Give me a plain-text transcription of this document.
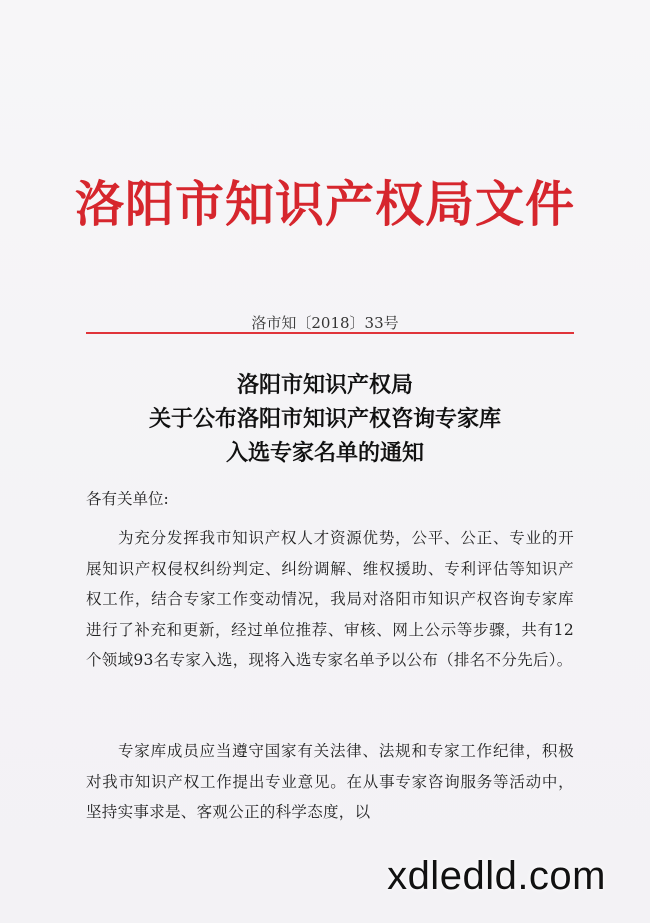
洛阳市知识产权局文件
洛市知〔2018〕33号
洛阳市知识产权局
关于公布洛阳市知识产权咨询专家库
入选专家名单的通知
各有关单位:
为充分发挥我市知识产权人才资源优势，公平、公正、专业的开展知识产权侵权纠纷判定、纠纷调解、维权援助、专利评估等知识产权工作，结合专家工作变动情况，我局对洛阳市知识产权咨询专家库进行了补充和更新，经过单位推荐、审核、网上公示等步骤，共有12个领域93名专家入选，现将入选专家名单予以公布（排名不分先后）。
专家库成员应当遵守国家有关法律、法规和专家工作纪律，积极对我市知识产权工作提出专业意见。在从事专家咨询服务等活动中，坚持实事求是、客观公正的科学态度，以
xdledld.com
